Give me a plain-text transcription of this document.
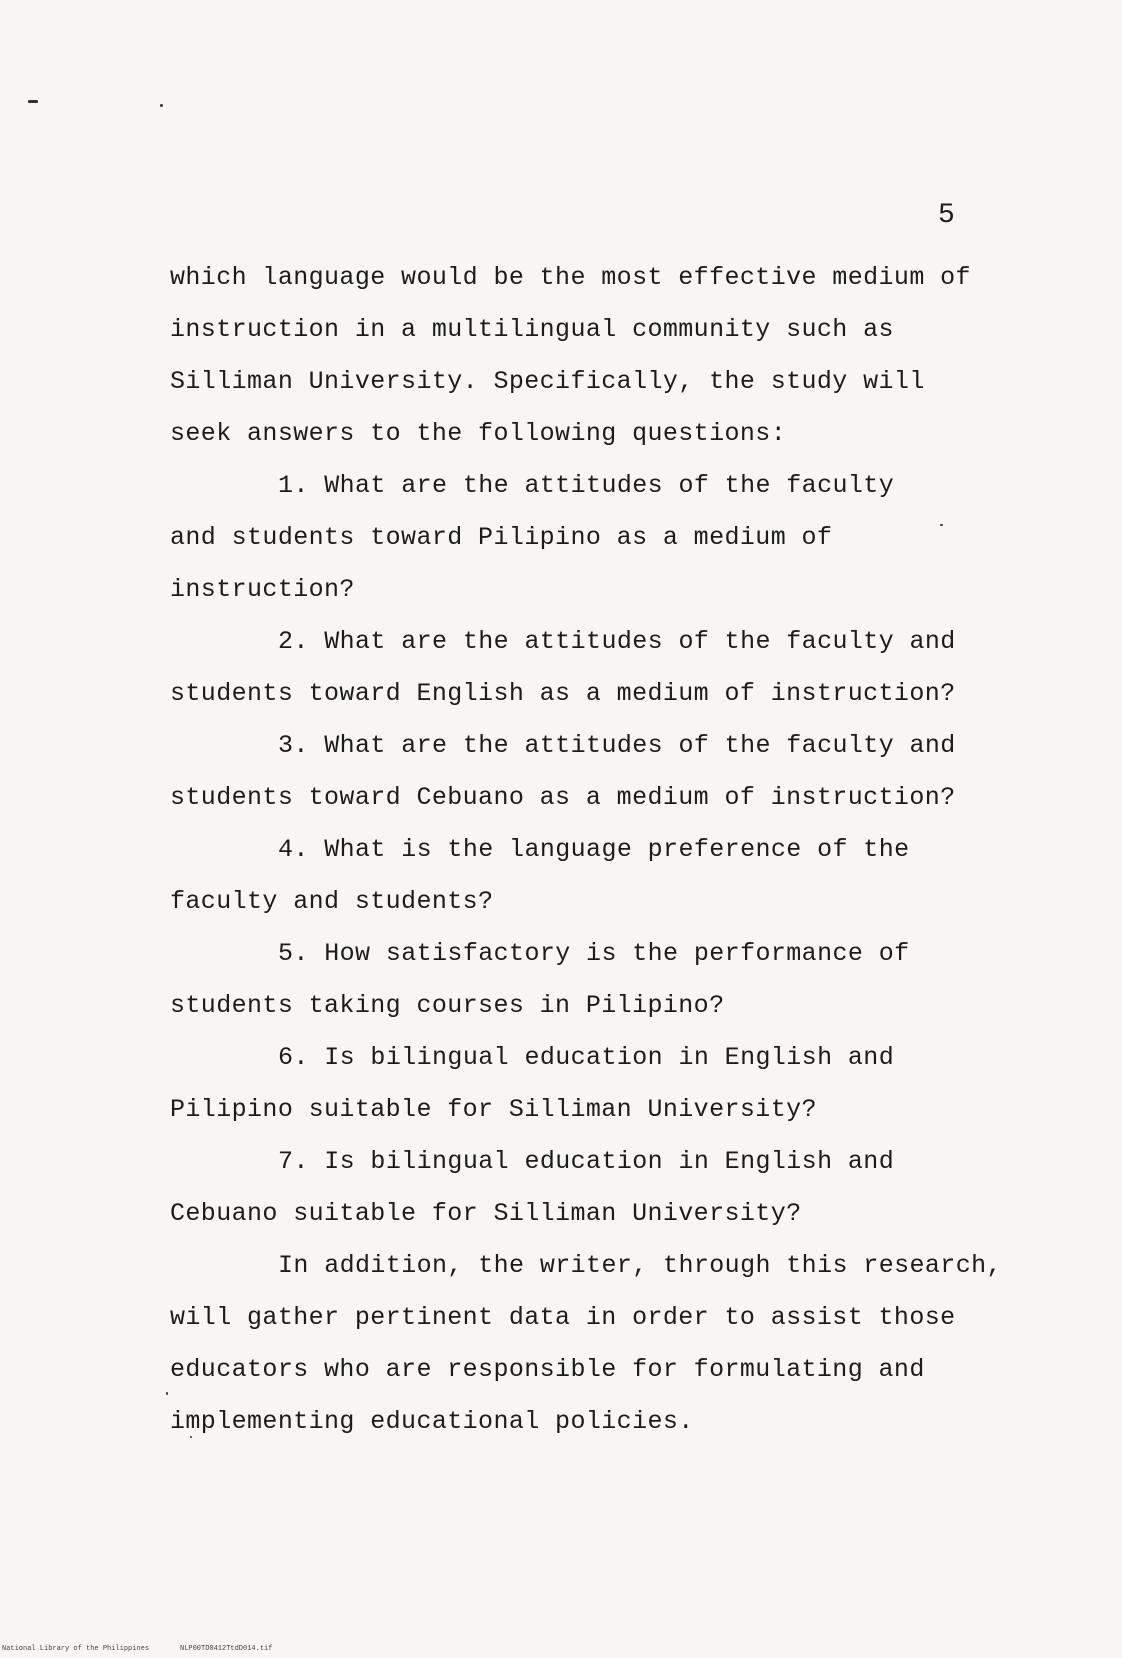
5
which language would be the most effective medium of
instruction in a multilingual community such as
Silliman University. Specifically, the study will
seek answers to the following questions:
1. What are the attitudes of the faculty
and students toward Pilipino as a medium of
instruction?
2. What are the attitudes of the faculty and
students toward English as a medium of instruction?
3. What are the attitudes of the faculty and
students toward Cebuano as a medium of instruction?
4. What is the language preference of the
faculty and students?
5. How satisfactory is the performance of
students taking courses in Pilipino?
6. Is bilingual education in English and
Pilipino suitable for Silliman University?
7. Is bilingual education in English and
Cebuano suitable for Silliman University?
In addition, the writer, through this research,
will gather pertinent data in order to assist those
educators who are responsible for formulating and
implementing educational policies.
National Library of the Philippines	NLP00TD0412TtdD014.tif
